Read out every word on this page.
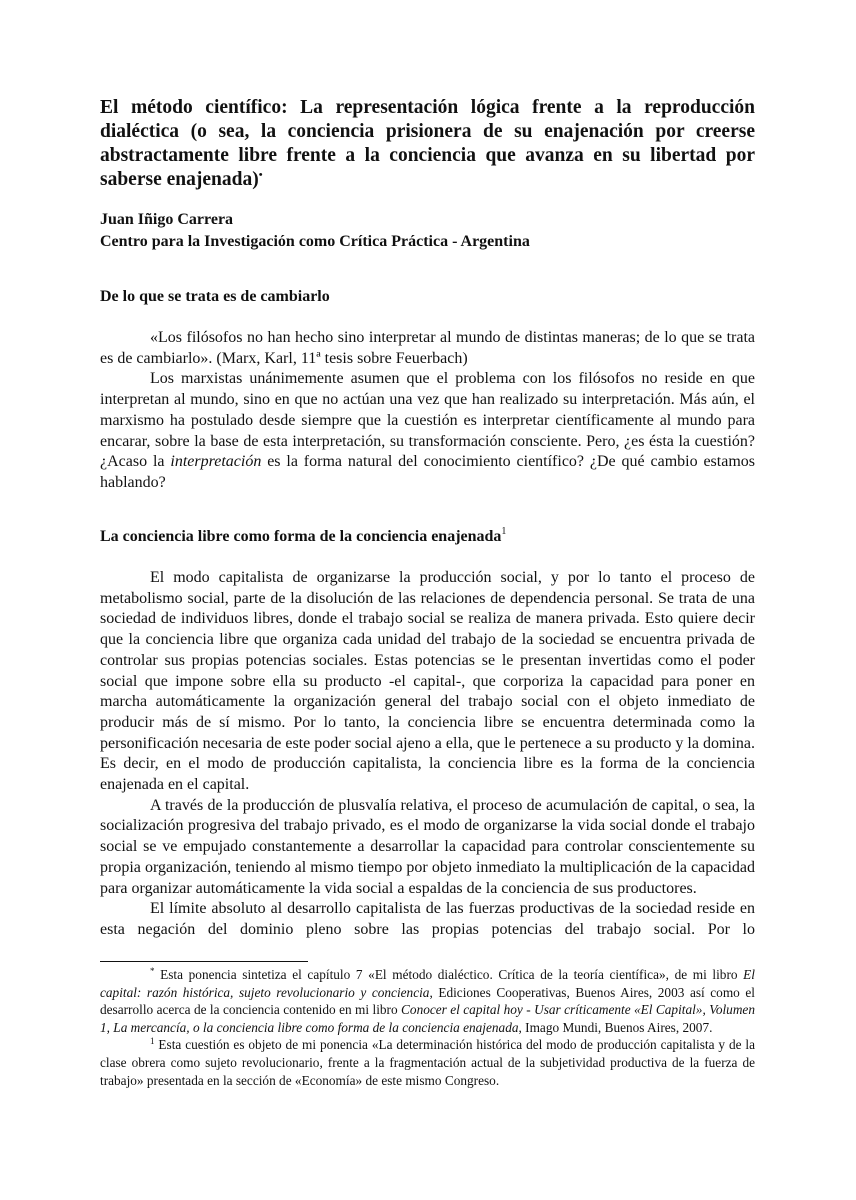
El método científico: La representación lógica frente a la reproducción dialéctica (o sea, la conciencia prisionera de su enajenación por creerse abstractamente libre frente a la conciencia que avanza en su libertad por saberse enajenada)•
Juan Iñigo Carrera
Centro para la Investigación como Crítica Práctica - Argentina
De lo que se trata es de cambiarlo

«Los filósofos no han hecho sino interpretar al mundo de distintas maneras; de lo que se trata es de cambiarlo». (Marx, Karl, 11ª tesis sobre Feuerbach)

Los marxistas unánimemente asumen que el problema con los filósofos no reside en que interpretan al mundo, sino en que no actúan una vez que han realizado su interpretación. Más aún, el marxismo ha postulado desde siempre que la cuestión es interpretar científicamente al mundo para encarar, sobre la base de esta interpretación, su transformación consciente. Pero, ¿es ésta la cuestión? ¿Acaso la interpretación es la forma natural del conocimiento científico? ¿De qué cambio estamos hablando?

La conciencia libre como forma de la conciencia enajenada$^1$

El modo capitalista de organizarse la producción social, y por lo tanto el proceso de metabolismo social, parte de la disolución de las relaciones de dependencia personal. Se trata de una sociedad de individuos libres, donde el trabajo social se realiza de manera privada. Esto quiere decir que la conciencia libre que organiza cada unidad del trabajo de la sociedad se encuentra privada de controlar sus propias potencias sociales. Estas potencias se le presentan invertidas como el poder social que impone sobre ella su producto -el capital-, que corporiza la capacidad para poner en marcha automáticamente la organización general del trabajo social con el objeto inmediato de producir más de sí mismo. Por lo tanto, la conciencia libre se encuentra determinada como la personificación necesaria de este poder social ajeno a ella, que le pertenece a su producto y la domina. Es decir, en el modo de producción capitalista, la conciencia libre es la forma de la conciencia enajenada en el capital.

A través de la producción de plusvalía relativa, el proceso de acumulación de capital, o sea, la socialización progresiva del trabajo privado, es el modo de organizarse la vida social donde el trabajo social se ve empujado constantemente a desarrollar la capacidad para controlar conscientemente su propia organización, teniendo al mismo tiempo por objeto inmediato la multiplicación de la capacidad para organizar automáticamente la vida social a espaldas de la conciencia de sus productores.

El límite absoluto al desarrollo capitalista de las fuerzas productivas de la sociedad reside en esta negación del dominio pleno sobre las propias potencias del trabajo social. Por lo

* Esta ponencia sintetiza el capítulo 7 «El método dialéctico. Crítica de la teoría científica», de mi libro El capital: razón histórica, sujeto revolucionario y conciencia, Ediciones Cooperativas, Buenos Aires, 2003 así como el desarrollo acerca de la conciencia contenido en mi libro Conocer el capital hoy - Usar críticamente «El Capital», Volumen 1, La mercancía, o la conciencia libre como forma de la conciencia enajenada, Imago Mundi, Buenos Aires, 2007.

$^1$ Esta cuestión es objeto de mi ponencia «La determinación histórica del modo de producción capitalista y de la clase obrera como sujeto revolucionario, frente a la fragmentación actual de la subjetividad productiva de la fuerza de trabajo» presentada en la sección de «Economía» de este mismo Congreso.
